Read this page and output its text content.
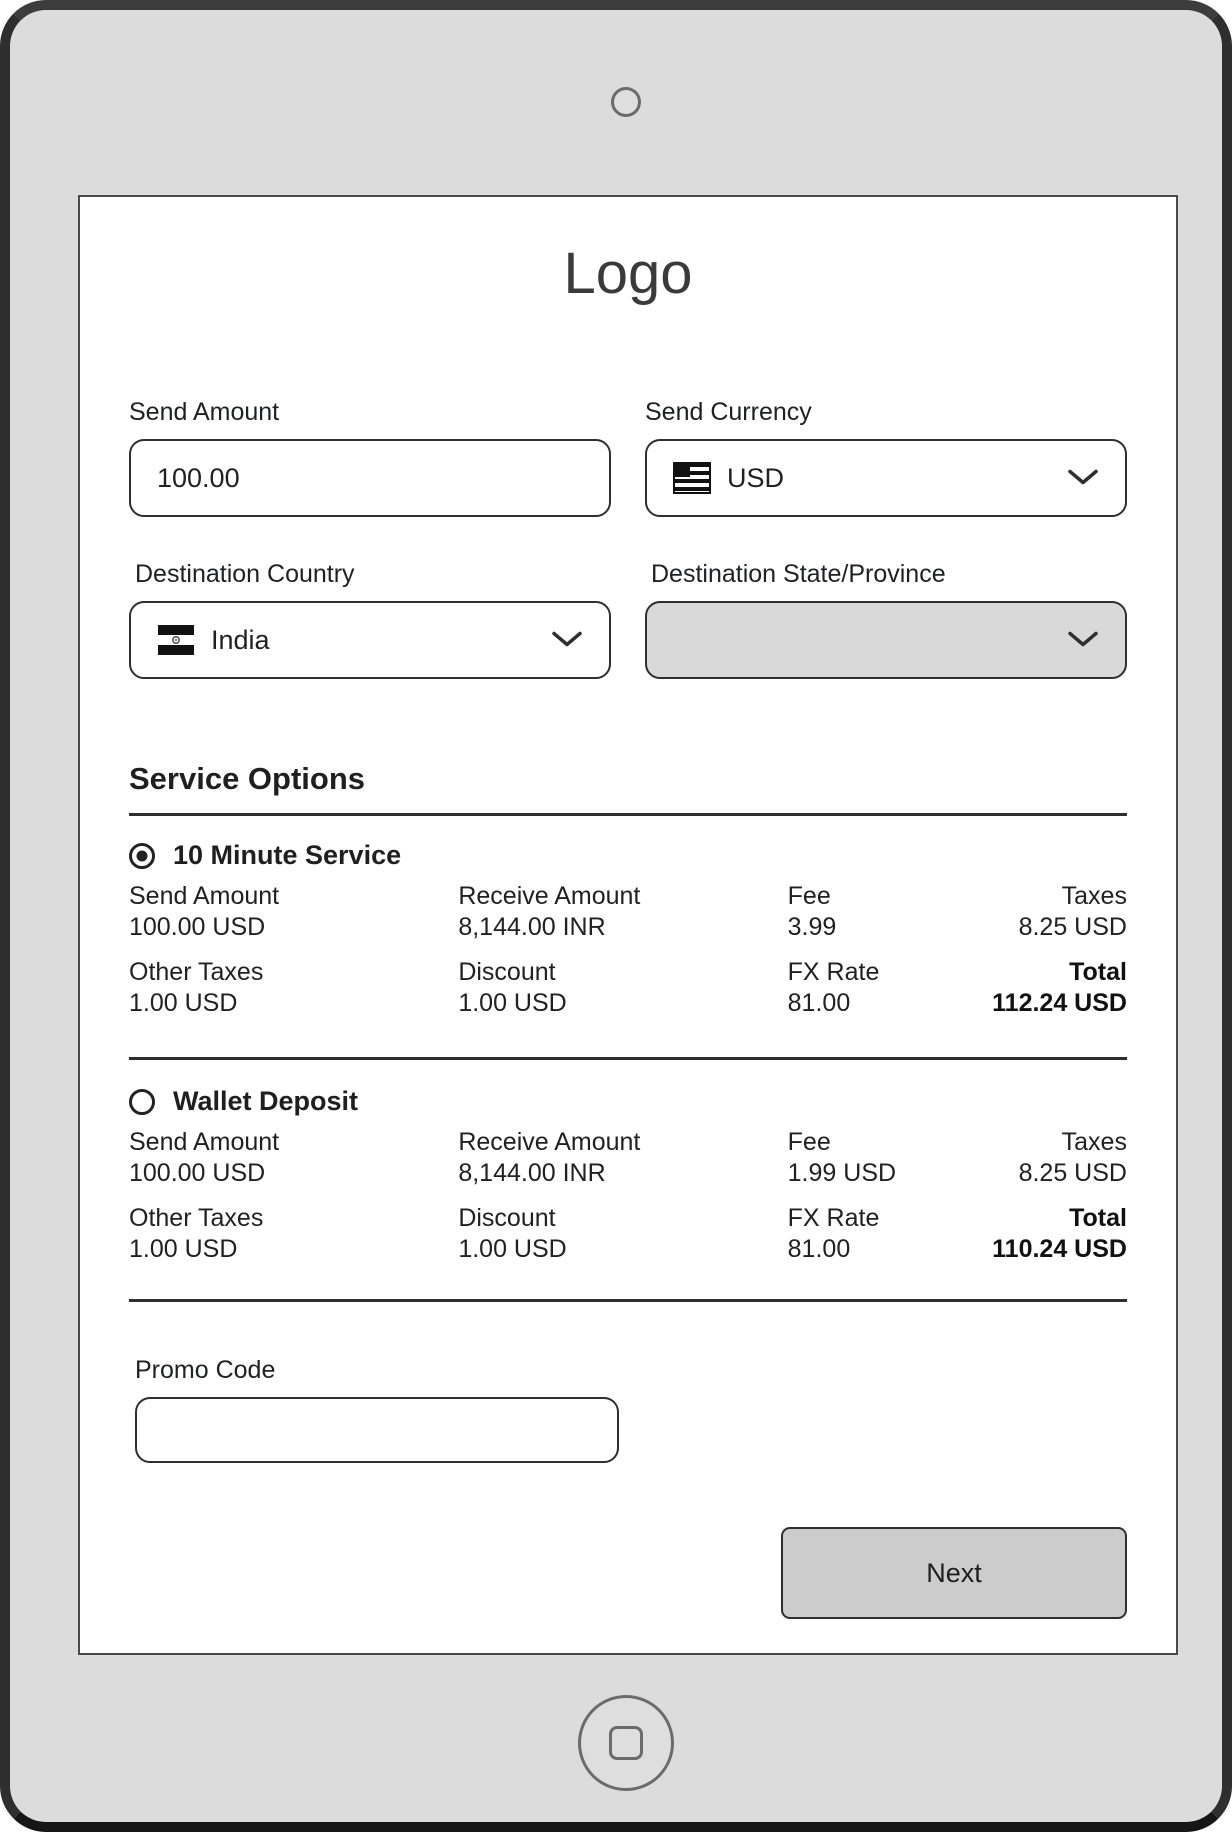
Logo
Send Amount
100.00	Send Currency
USD
Destination Country
India
Destination State/Province
Service Options
10 Minute Service
Send Amount
100.00 USD
Receive Amount
8,144.00 INR
Fee
3.99
Taxes
8.25 USD
Other Taxes
1.00 USD
Discount
1.00 USD
FX Rate
81.00
Total
112.24 USD
Wallet Deposit
Send Amount
100.00 USD
Receive Amount
8,144.00 INR
Fee
1.99 USD
Taxes
8.25 USD
Other Taxes
1.00 USD
Discount
1.00 USD
FX Rate
81.00
Total
110.24 USD
Promo Code
Next
